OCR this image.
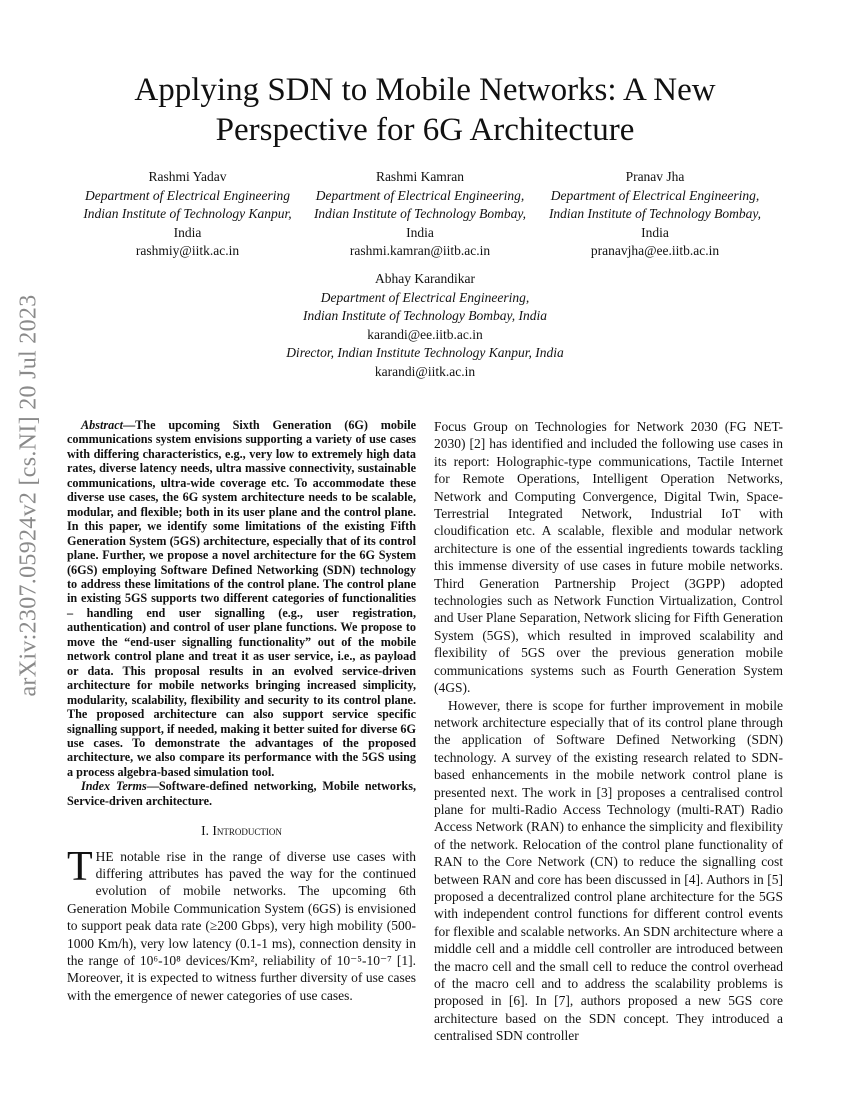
arXiv:2307.05924v2 [cs.NI] 20 Jul 2023
Applying SDN to Mobile Networks: A New
Perspective for 6G Architecture
Rashmi Yadav
Department of Electrical Engineering
Indian Institute of Technology Kanpur,
India
rashmiy@iitk.ac.in
Rashmi Kamran
Department of Electrical Engineering,
Indian Institute of Technology Bombay,
India
rashmi.kamran@iitb.ac.in
Pranav Jha
Department of Electrical Engineering,
Indian Institute of Technology Bombay,
India
pranavjha@ee.iitb.ac.in
Abhay Karandikar
Department of Electrical Engineering,
Indian Institute of Technology Bombay, India
karandi@ee.iitb.ac.in
Director, Indian Institute Technology Kanpur, India
karandi@iitk.ac.in

Abstract—The upcoming Sixth Generation (6G) mobile communications system envisions supporting a variety of use cases with differing characteristics, e.g., very low to extremely high data rates, diverse latency needs, ultra massive connectivity, sustainable communications, ultra-wide coverage etc. To accommodate these diverse use cases, the 6G system architecture needs to be scalable, modular, and flexible; both in its user plane and the control plane. In this paper, we identify some limitations of the existing Fifth Generation System (5GS) architecture, especially that of its control plane. Further, we propose a novel architecture for the 6G System (6GS) employing Software Defined Networking (SDN) technology to address these limitations of the control plane. The control plane in existing 5GS supports two different categories of functionalities – handling end user signalling (e.g., user registration, authentication) and control of user plane functions. We propose to move the “end-user signalling functionality” out of the mobile network control plane and treat it as user service, i.e., as payload or data. This proposal results in an evolved service-driven architecture for mobile networks bringing increased simplicity, modularity, scalability, flexibility and security to its control plane. The proposed architecture can also support service specific signalling support, if needed, making it better suited for diverse 6G use cases. To demonstrate the advantages of the proposed architecture, we also compare its performance with the 5GS using a process algebra-based simulation tool.

Index Terms—Software-defined networking, Mobile networks, Service-driven architecture.

I. Introduction

THE notable rise in the range of diverse use cases with differing attributes has paved the way for the continued evolution of mobile networks. The upcoming 6th Generation Mobile Communication System (6GS) is envisioned to support peak data rate (≥200 Gbps), very high mobility (500-1000 Km/h), very low latency (0.1-1 ms), connection density in the range of 10⁶-10⁸ devices/Km², reliability of 10⁻⁵-10⁻⁷ [1]. Moreover, it is expected to witness further diversity of use cases with the emergence of newer categories of use cases.

Focus Group on Technologies for Network 2030 (FG NET-2030) [2] has identified and included the following use cases in its report: Holographic-type communications, Tactile Internet for Remote Operations, Intelligent Operation Networks, Network and Computing Convergence, Digital Twin, Space-Terrestrial Integrated Network, Industrial IoT with cloudification etc. A scalable, flexible and modular network architecture is one of the essential ingredients towards tackling this immense diversity of use cases in future mobile networks. Third Generation Partnership Project (3GPP) adopted technologies such as Network Function Virtualization, Control and User Plane Separation, Network slicing for Fifth Generation System (5GS), which resulted in improved scalability and flexibility of 5GS over the previous generation mobile communications systems such as Fourth Generation System (4GS).

However, there is scope for further improvement in mobile network architecture especially that of its control plane through the application of Software Defined Networking (SDN) technology. A survey of the existing research related to SDN-based enhancements in the mobile network control plane is presented next. The work in [3] proposes a centralised control plane for multi-Radio Access Technology (multi-RAT) Radio Access Network (RAN) to enhance the simplicity and flexibility of the network. Relocation of the control plane functionality of RAN to the Core Network (CN) to reduce the signalling cost between RAN and core has been discussed in [4]. Authors in [5] proposed a decentralized control plane architecture for the 5GS with independent control functions for different control events for flexible and scalable networks. An SDN architecture where a middle cell and a middle cell controller are introduced between the macro cell and the small cell to reduce the control overhead of the macro cell and to address the scalability problems is proposed in [6]. In [7], authors proposed a new 5GS core architecture based on the SDN concept. They introduced a centralised SDN controller
